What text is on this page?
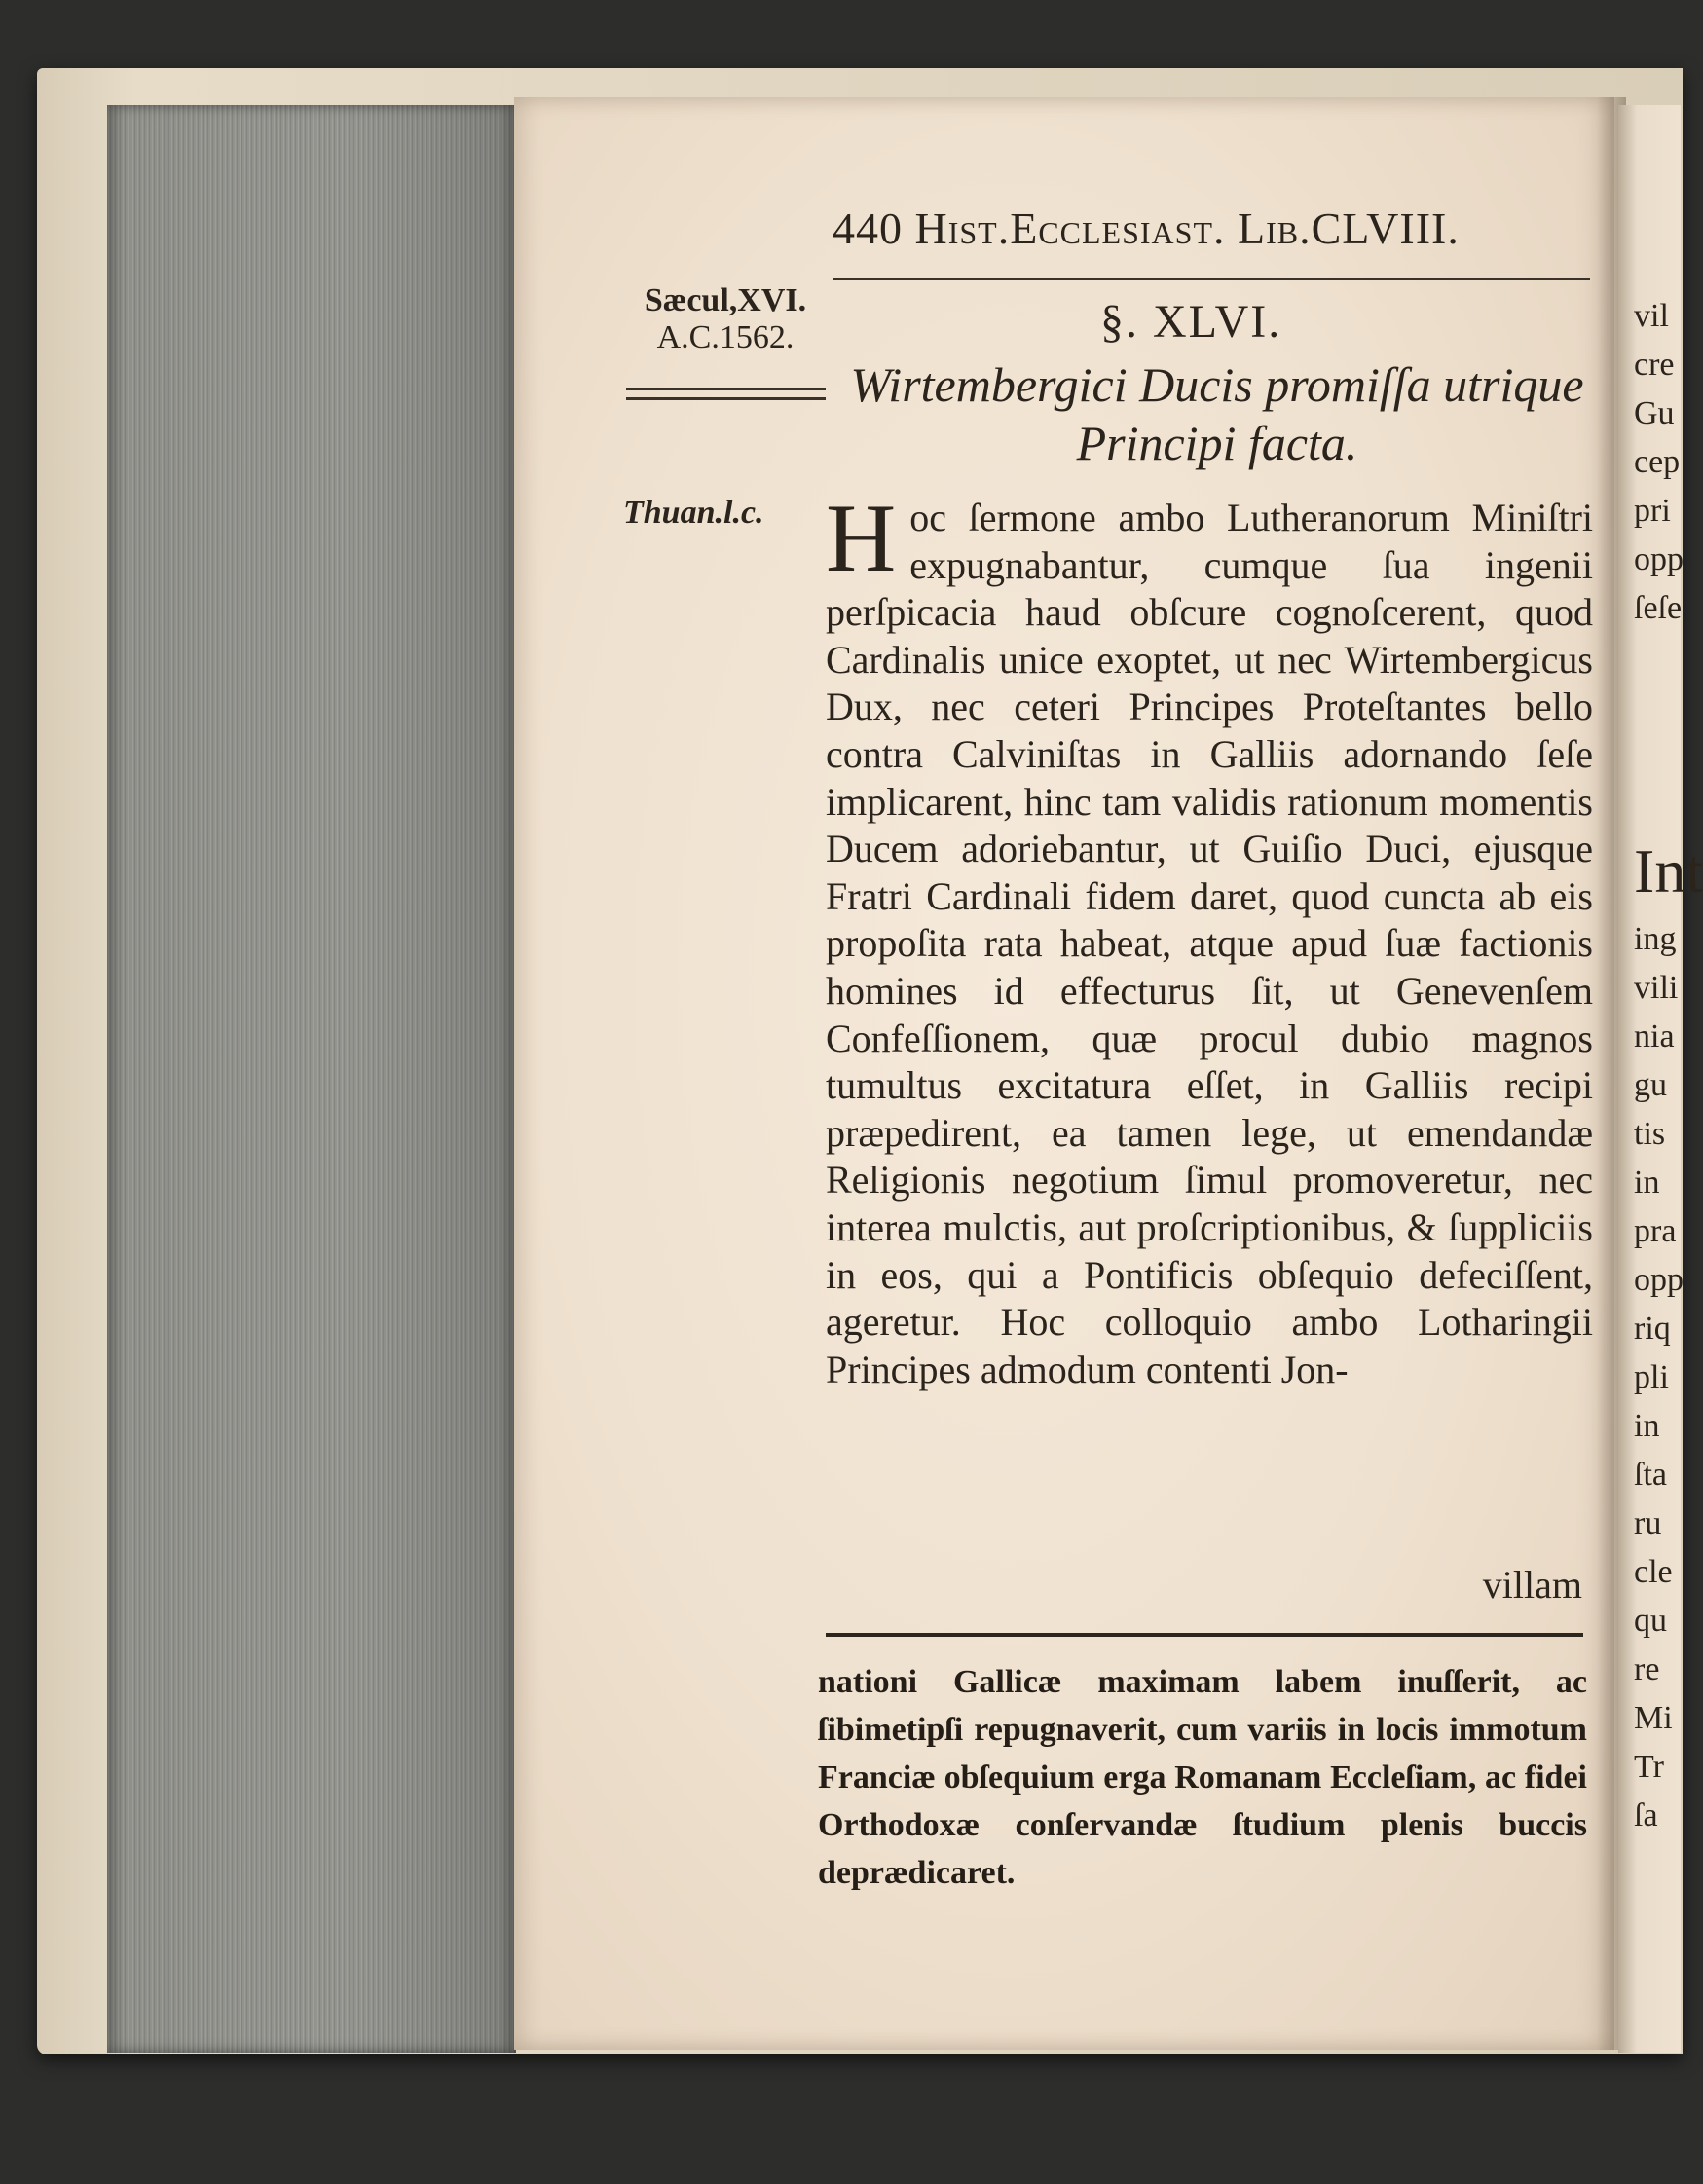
440 Hist.Ecclesiast. Lib.CLVIII.
Sæcul,XVI.
A.C.1562.
Thuan.l.c.
§. XLVI.
Wirtembergici Ducis promiſſa utrique
Principi facta.
H oc ſermone ambo Lutheranorum Miniſtri expugnabantur, cumque ſua ingenii perſpicacia haud obſcure cognoſcerent, quod Cardinalis unice exoptet, ut nec Wirtembergicus Dux, nec ceteri Principes Proteſtantes bello contra Calviniſtas in Galliis adornando ſeſe implicarent, hinc tam validis rationum momentis Ducem adoriebantur, ut Guiſio Duci, ejusque Fratri Cardinali fidem daret, quod cuncta ab eis propoſita rata habeat, atque apud ſuæ factionis homines id effecturus ſit, ut Genevenſem Confeſſionem, quæ procul dubio magnos tumultus excitatura eſſet, in Galliis recipi præpedirent, ea tamen lege, ut emendandæ Religionis negotium ſimul promoveretur, nec interea mulctis, aut proſcriptionibus, & ſuppliciis in eos, qui a Pontificis obſequio defeciſſent, ageretur. Hoc colloquio ambo Lotharingii Principes admodum contenti Jon-
villam
nationi Gallicæ maximam labem inuſſerit, ac ſibimetipſi repugnaverit, cum variis in locis immotum Franciæ obſequium erga Romanam Eccleſiam, ac fidei Orthodoxæ conſervandæ ſtudium plenis buccis deprædicaret.
vil
cre
Gu
cep
pri
opp
ſeſe
Int
ing
vili
nia
gu
tis
in
pra
opp
riq
pli
in
ſta
ru
cle
qu
re
Mi
Tr
ſa
